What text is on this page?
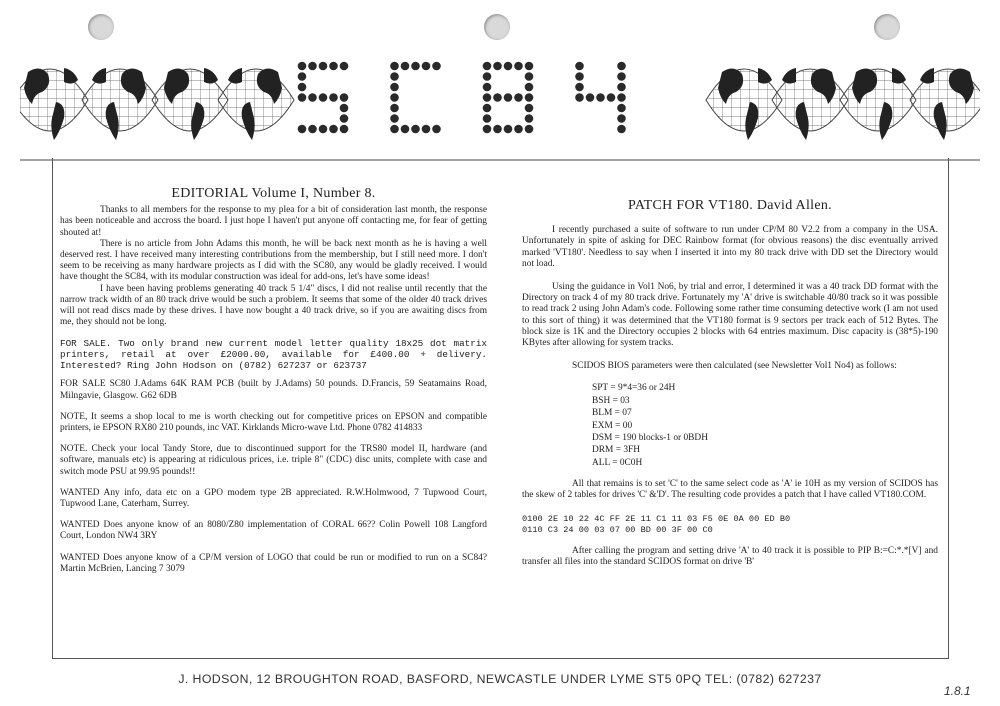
EDITORIAL Volume I, Number 8.

Thanks to all members for the response to my plea for a bit of consideration last month, the response has been noticeable and accross the board. I just hope I haven't put anyone off contacting me, for fear of getting shouted at!

There is no article from John Adams this month, he will be back next month as he is having a well deserved rest. I have received many interesting contributions from the membership, but I still need more. I don't seem to be receiving as many hardware projects as I did with the SC80, any would be gladly received. I would have thought the SC84, with its modular construction was ideal for add-ons, let's have some ideas!

I have been having problems generating 40 track 5 1/4" discs, I did not realise until recently that the narrow track width of an 80 track drive would be such a problem. It seems that some of the older 40 track drives will not read discs made by these drives. I have now bought a 40 track drive, so if you are awaiting discs from me, they should not be long.

FOR SALE. Two only brand new current model letter quality 18x25 dot matrix printers, retail at over £2000.00, available for £400.00 + delivery. Interested? Ring John Hodson on (0782) 627237 or 623737

FOR SALE SC80 J.Adams 64K RAM PCB (built by J.Adams) 50 pounds. D.Francis, 59 Seatamains Road, Milngavie, Glasgow. G62 6DB

NOTE, It seems a shop local to me is worth checking out for competitive prices on EPSON and compatible printers, ie EPSON RX80 210 pounds, inc VAT. Kirklands Micro-wave Ltd. Phone 0782 414833

NOTE. Check your local Tandy Store, due to discontinued support for the TRS80 model II, hardware (and software, manuals etc) is appearing at ridiculous prices, i.e. triple 8" (CDC) disc units, complete with case and switch mode PSU at 99.95 pounds!!

WANTED Any info, data etc on a GPO modem type 2B appreciated. R.W.Holmwood, 7 Tupwood Court, Tupwood Lane, Caterham, Surrey.

WANTED Does anyone know of an 8080/Z80 implementation of CORAL 66?? Colin Powell 108 Langford Court, London NW4 3RY

WANTED Does anyone know of a CP/M version of LOGO that could be run or modified to run on a SC84? Martin McBrien, Lancing 7 3079

PATCH FOR VT180. David Allen.

I recently purchased a suite of software to run under CP/M 80 V2.2 from a company in the USA. Unfortunately in spite of asking for DEC Rainbow format (for obvious reasons) the disc eventually arrived marked 'VT180'. Needless to say when I inserted it into my 80 track drive with DD set the Directory would not load.

Using the guidance in Vol1 No6, by trial and error, I determined it was a 40 track DD format with the Directory on track 4 of my 80 track drive. Fortunately my 'A' drive is switchable 40/80 track so it was possible to read track 2 using John Adam's code. Following some rather time consuming detective work (I am not used to this sort of thing) it was determined that the VT180 format is 9 sectors per track each of 512 Bytes. The block size is 1K and the Directory occupies 2 blocks with 64 entries maximum. Disc capacity is (38*5)-190 KBytes after allowing for system tracks.

SCIDOS BIOS parameters were then calculated (see Newsletter Vol1 No4) as follows:

SPT = 9*4=36 or 24H
BSH = 03
BLM = 07
EXM = 00
DSM = 190 blocks-1 or 0BDH
DRM = 3FH
ALL = 0C0H

All that remains is to set 'C' to the same select code as 'A' ie 10H as my version of SCIDOS has the skew of 2 tables for drives 'C' &'D'. The resulting code provides a patch that I have called VT180.COM.

0100 2E 10 22 4C FF 2E 11 C1 11 03 F5 0E 0A 00 ED B0
0110 C3 24 00 03 07 00 BD 00 3F 00 C0

After calling the program and setting drive 'A' to 40 track it is possible to PIP B:=C:*.*[V] and transfer all files into the standard SCIDOS format on drive 'B'

J. HODSON, 12 BROUGHTON ROAD, BASFORD, NEWCASTLE UNDER LYME ST5 0PQ TEL: (0782) 627237
1.8.1
